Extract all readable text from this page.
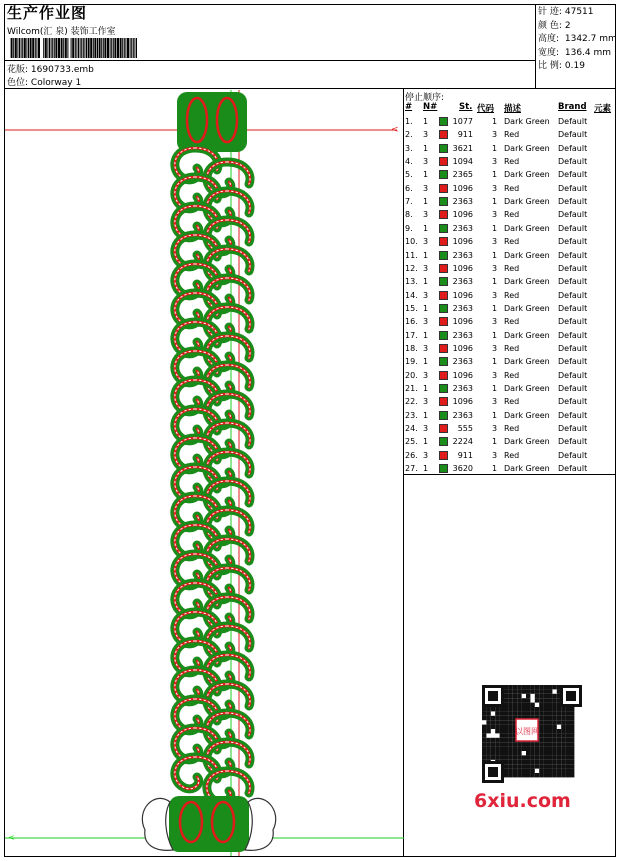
生产作业图
Wilcom(汇 泉) 装饰工作室
花版: 1690733.emb
色位: Colorway 1
针 迹: 47511
颜 色: 2
高度: 1342.7 mm
宽度: 136.4 mm
比 例: 0.19
<
<
停止顺序:
# N#	St. 代码 描述	Brand 元素
1. 1	1077 1 Dark Green Default
2. 3	911 3 Red	Default
3. 1	3621 1 Dark Green Default
4. 3	1094 3 Red	Default
5. 1	2365 1 Dark Green Default
6. 3	1096 3 Red	Default
7. 1	2363 1 Dark Green Default
8. 3	1096 3 Red	Default
9. 1	2363 1 Dark Green Default
10. 3	1096 3 Red	Default
11. 1	2363 1 Dark Green Default
12. 3	1096 3 Red	Default
13. 1	2363 1 Dark Green Default
14. 3	1096 3 Red	Default
15. 1	2363 1 Dark Green Default
16. 3	1096 3 Red	Default
17. 1	2363 1 Dark Green Default
18. 3	1096 3 Red	Default
19. 1	2363 1 Dark Green Default
20. 3	1096 3 Red	Default
21. 1	2363 1 Dark Green Default
22. 3	1096 3 Red	Default
23. 1	2363 1 Dark Green Default
24. 3	555 3 Red	Default
25. 1	2224 1 Dark Green Default
26. 3	911 3 Red	Default
27. 1	3620 1 Dark Green Default
以图网
6xiu.com
